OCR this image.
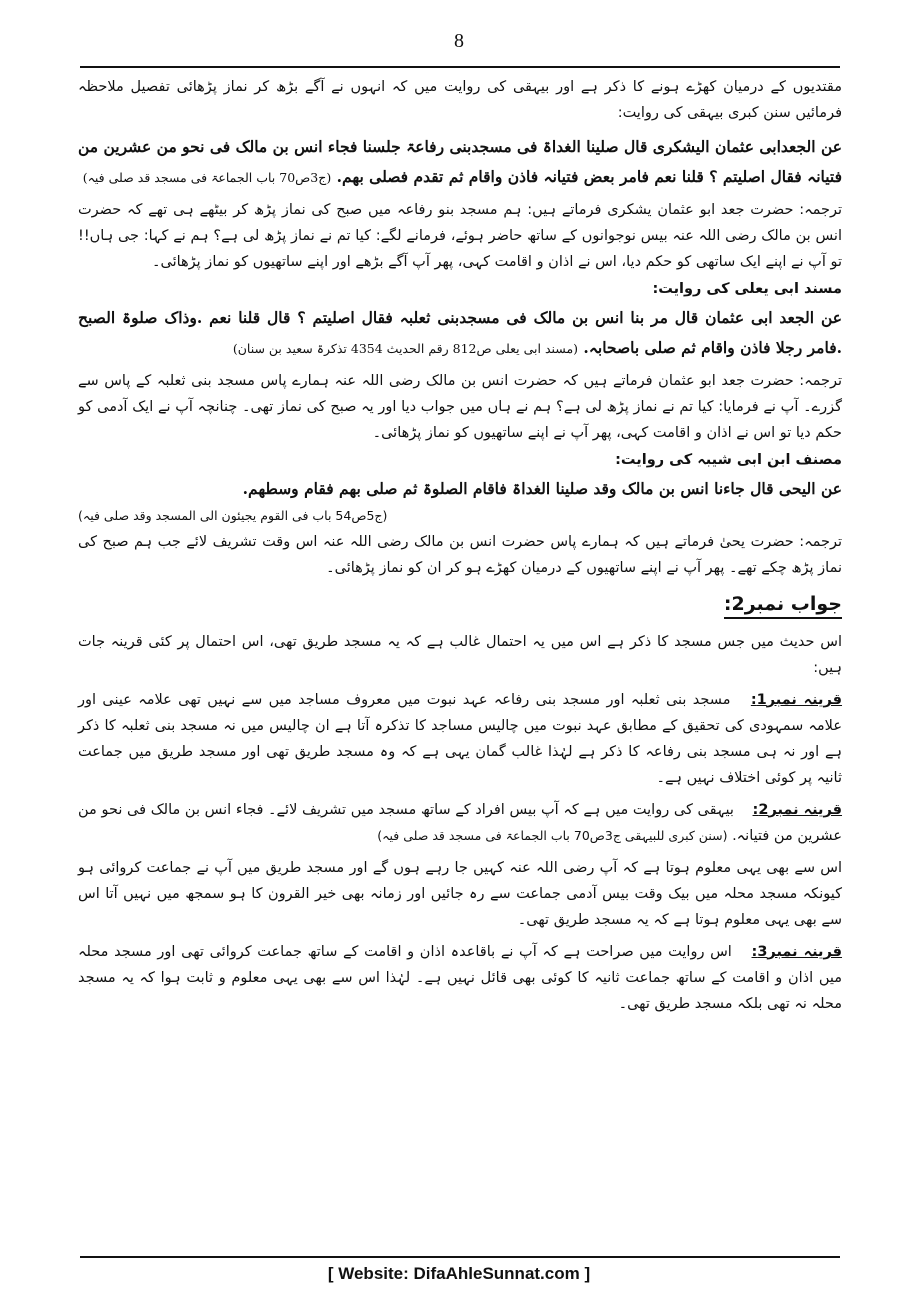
8

مقتدیوں کے درمیان کھڑے ہونے کا ذکر ہے اور بیہقی کی روایت میں کہ انہوں نے آگے بڑھ کر نماز پڑھائی تفصیل ملاحظہ فرمائیں سنن کبری بیہقی کی روایت:

عن الجعدابی عثمان الیشکری قال صلینا الغداۃ فی مسجدبنی رفاعۃ جلسنا فجاء انس بن مالک فی نحو من عشرین من فتیانہ فقال اصلیتم ؟ قلنا نعم فامر بعض فتیانہ فاذن واقام ثم تقدم فصلی بھم. (ج3ص70 باب الجماعۃ فی مسجد قد صلی فیہ)

ترجمہ: حضرت جعد ابو عثمان یشکری فرماتے ہیں: ہم مسجد بنو رفاعہ میں صبح کی نماز پڑھ کر بیٹھے ہی تھے کہ حضرت انس بن مالک رضی اللہ عنہ بیس نوجوانوں کے ساتھ حاضر ہوئے، فرمانے لگے: کیا تم نے نماز پڑھ لی ہے؟ ہم نے کہا: جی ہاں!! تو آپ نے اپنے ایک ساتھی کو حکم دیا، اس نے اذان و اقامت کہی، پھر آپ آگے بڑھے اور اپنے ساتھیوں کو نماز پڑھائی۔

مسند ابی یعلی کی روایت:

عن الجعد ابی عثمان قال مر بنا انس بن مالک فی مسجدبنی ثعلبہ فقال اصلیتم ؟ قال قلنا نعم .وذاک صلوۃ الصبح .فامر رجلا فاذن واقام ثم صلی باصحابہ. (مسند ابی یعلی ص812 رقم الحدیث 4354 تذکرۃ سعید بن سنان)

ترجمہ: حضرت جعد ابو عثمان فرماتے ہیں کہ حضرت انس بن مالک رضی اللہ عنہ ہمارے پاس مسجد بنی ثعلبہ کے پاس سے گزرے۔ آپ نے فرمایا: کیا تم نے نماز پڑھ لی ہے؟ ہم نے ہاں میں جواب دیا اور یہ صبح کی نماز تھی۔ چنانچہ آپ نے ایک آدمی کو حکم دیا تو اس نے اذان و اقامت کہی، پھر آپ نے اپنے ساتھیوں کو نماز پڑھائی۔

مصنف ابن ابی شیبہ کی روایت:

عن الیحی قال جاءنا انس بن مالک وقد صلینا الغداۃ فاقام الصلوۃ ثم صلی بھم فقام وسطھم.

(ج5ص54 باب فی القوم یجیئون الی المسجد وقد صلی فیہ)

ترجمہ: حضرت یحیٰ فرماتے ہیں کہ ہمارے پاس حضرت انس بن مالک رضی اللہ عنہ اس وقت تشریف لائے جب ہم صبح کی نماز پڑھ چکے تھے۔ پھر آپ نے اپنے ساتھیوں کے درمیان کھڑے ہو کر ان کو نماز پڑھائی۔

جواب نمبر2:

اس حدیث میں جس مسجد کا ذکر ہے اس میں یہ احتمال غالب ہے کہ یہ مسجد طریق تھی، اس احتمال پر کئی قرینہ جات ہیں:

قرینہ نمبر1: مسجد بنی ثعلبہ اور مسجد بنی رفاعہ عہد نبوت میں معروف مساجد میں سے نہیں تھی علامہ عینی اور علامہ سمہودی کی تحقیق کے مطابق عہد نبوت میں چالیس مساجد کا تذکرہ آتا ہے ان چالیس میں نہ مسجد بنی ثعلبہ کا ذکر ہے اور نہ ہی مسجد بنی رفاعہ کا ذکر ہے لہٰذا غالب گمان یہی ہے کہ وہ مسجد طریق تھی اور مسجد طریق میں جماعت ثانیہ پر کوئی اختلاف نہیں ہے۔

قرینہ نمبر2: بیہقی کی روایت میں ہے کہ آپ بیس افراد کے ساتھ مسجد میں تشریف لائے۔ فجاء انس بن مالک فی نحو من عشرین من فتیانہ. (سنن کبری للبیہقی ج3ص70 باب الجماعۃ فی مسجد قد صلی فیہ)

اس سے بھی یہی معلوم ہوتا ہے کہ آپ رضی اللہ عنہ کہیں جا رہے ہوں گے اور مسجد طریق میں آپ نے جماعت کروائی ہو کیونکہ مسجد محلہ میں بیک وقت بیس آدمی جماعت سے رہ جائیں اور زمانہ بھی خیر القرون کا ہو سمجھ میں نہیں آتا اس سے بھی یہی معلوم ہوتا ہے کہ یہ مسجد طریق تھی۔

قرینہ نمبر3: اس روایت میں صراحت ہے کہ آپ نے باقاعدہ اذان و اقامت کے ساتھ جماعت کروائی تھی اور مسجد محلہ میں اذان و اقامت کے ساتھ جماعت ثانیہ کا کوئی بھی قائل نہیں ہے۔ لہٰذا اس سے بھی یہی معلوم و ثابت ہوا کہ یہ مسجد محلہ نہ تھی بلکہ مسجد طریق تھی۔

[ Website: DifaAhleSunnat.com ]
